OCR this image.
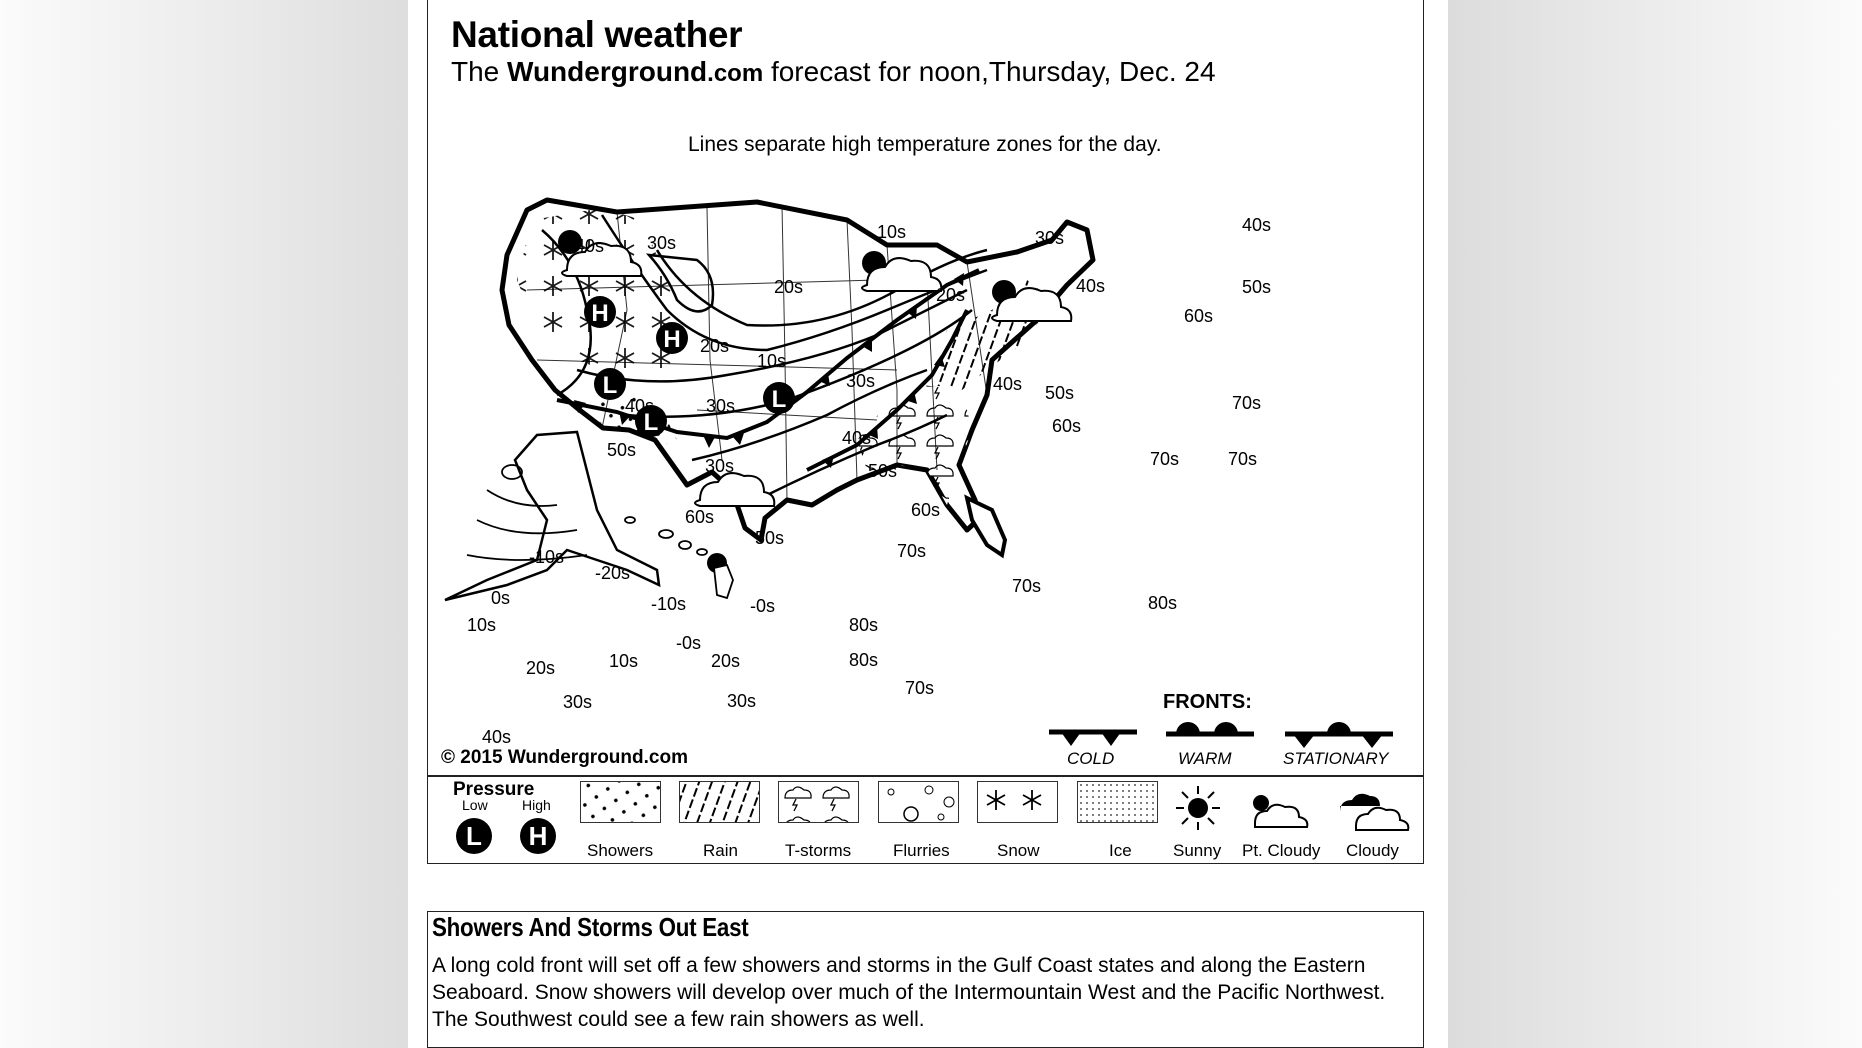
National weather
The Wunderground.com forecast for noon,Thursday, Dec. 24
Lines separate high temperature zones for the day.
H
H
L
L
L
40s 30s
10s	30s
40s
50s
20s	20s	40s
20s
10s
30s
30s
40s
40s 50s
60s
70s
40s
50s
30s	50s
60s
50s
60s
70s
70s
70s
80s
-10s
-20s
0s
10s
-10s	-0s
-0s
10s	20s
20s
30s	30s
40s
80s
80s
70s
60s
70s
© 2015 Wunderground.com
FRONTS:
COLD	WARM	STATIONARY
Pressure
Low High
L	H	Showers	Rain	T-storms Flurries	Snow	Ice Sunny Pt. Cloudy Cloudy
Showers And Storms Out East

A long cold front will set off a few showers and storms in the Gulf Coast states and along the Eastern Seaboard. Snow showers will develop over much of the Intermountain West and the Pacific Northwest. The Southwest could see a few rain showers as well.
